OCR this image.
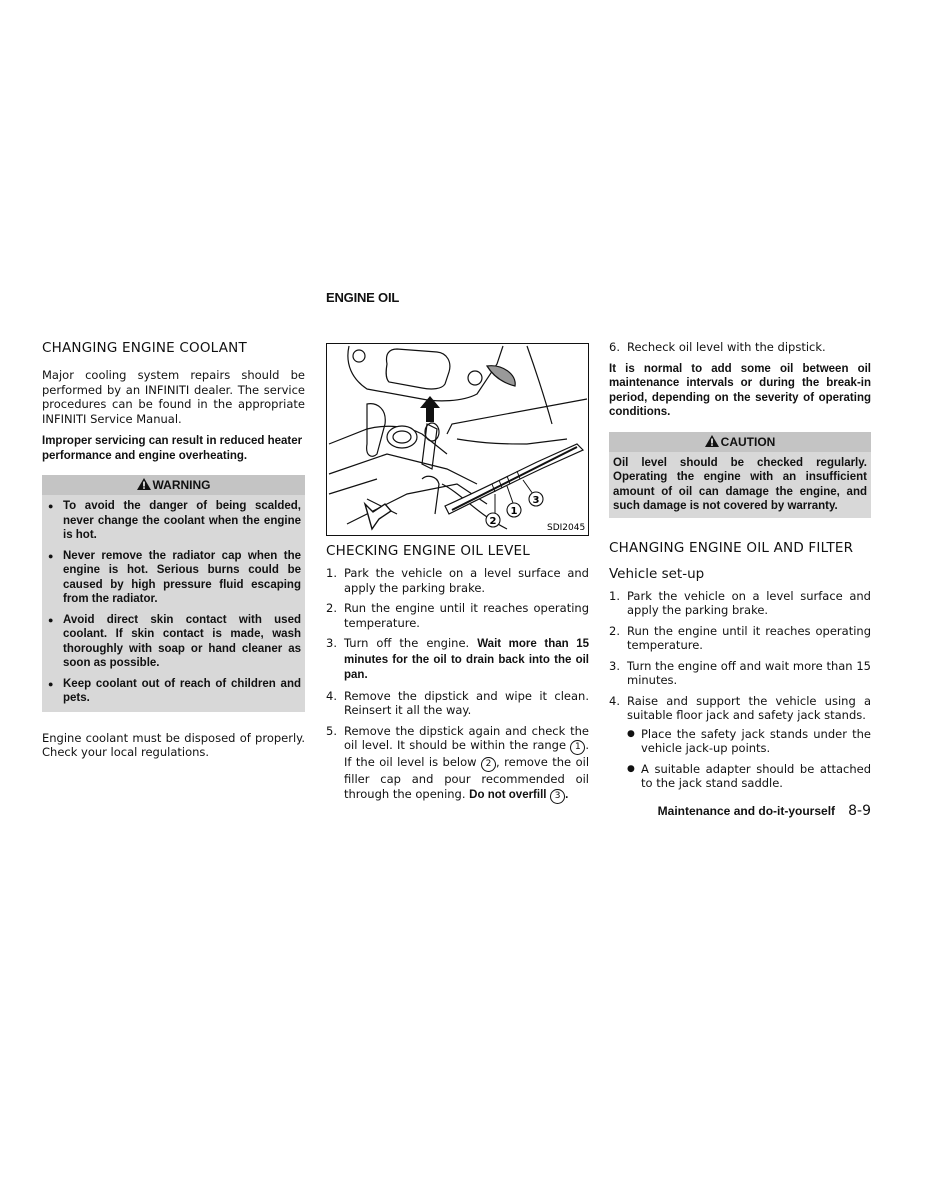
ENGINE OIL
CHANGING ENGINE COOLANT

Major cooling system repairs should be performed by an INFINITI dealer. The service procedures can be found in the appropriate INFINITI Service Manual.

Improper servicing can result in reduced heater performance and engine overheating.
WARNING
● To avoid the danger of being scalded, never change the coolant when the engine is hot.
● Never remove the radiator cap when the engine is hot. Serious burns could be caused by high pressure fluid escaping from the radiator.
● Avoid direct skin contact with used coolant. If skin contact is made, wash thoroughly with soap or hand cleaner as soon as possible.
● Keep coolant out of reach of children and pets.

Engine coolant must be disposed of properly. Check your local regulations.

2
1
3
SDI2045
CHECKING ENGINE OIL LEVEL
1. Park the vehicle on a level surface and apply the parking brake.
2. Run the engine until it reaches operating temperature.
3. Turn off the engine. Wait more than 15 minutes for the oil to drain back into the oil pan.
4. Remove the dipstick and wipe it clean. Reinsert it all the way.
5. Remove the dipstick again and check the oil level. It should be within the range 1 . If the oil level is below 2 , remove the oil filler cap and pour recommended oil through the opening. Do not overfill 3 .
6. Recheck oil level with the dipstick.
It is normal to add some oil between oil maintenance intervals or during the break-in period, depending on the severity of operating conditions.
CAUTION
Oil level should be checked regularly. Operating the engine with an insufficient amount of oil can damage the engine, and such damage is not covered by warranty.
CHANGING ENGINE OIL AND FILTER
Vehicle set-up
1. Park the vehicle on a level surface and apply the parking brake.
2. Run the engine until it reaches operating temperature.
3. Turn the engine off and wait more than 15 minutes.
4. Raise and support the vehicle using a suitable floor jack and safety jack stands.
● Place the safety jack stands under the vehicle jack-up points.
● A suitable adapter should be attached to the jack stand saddle.
Maintenance and do-it-yourself 8-9
